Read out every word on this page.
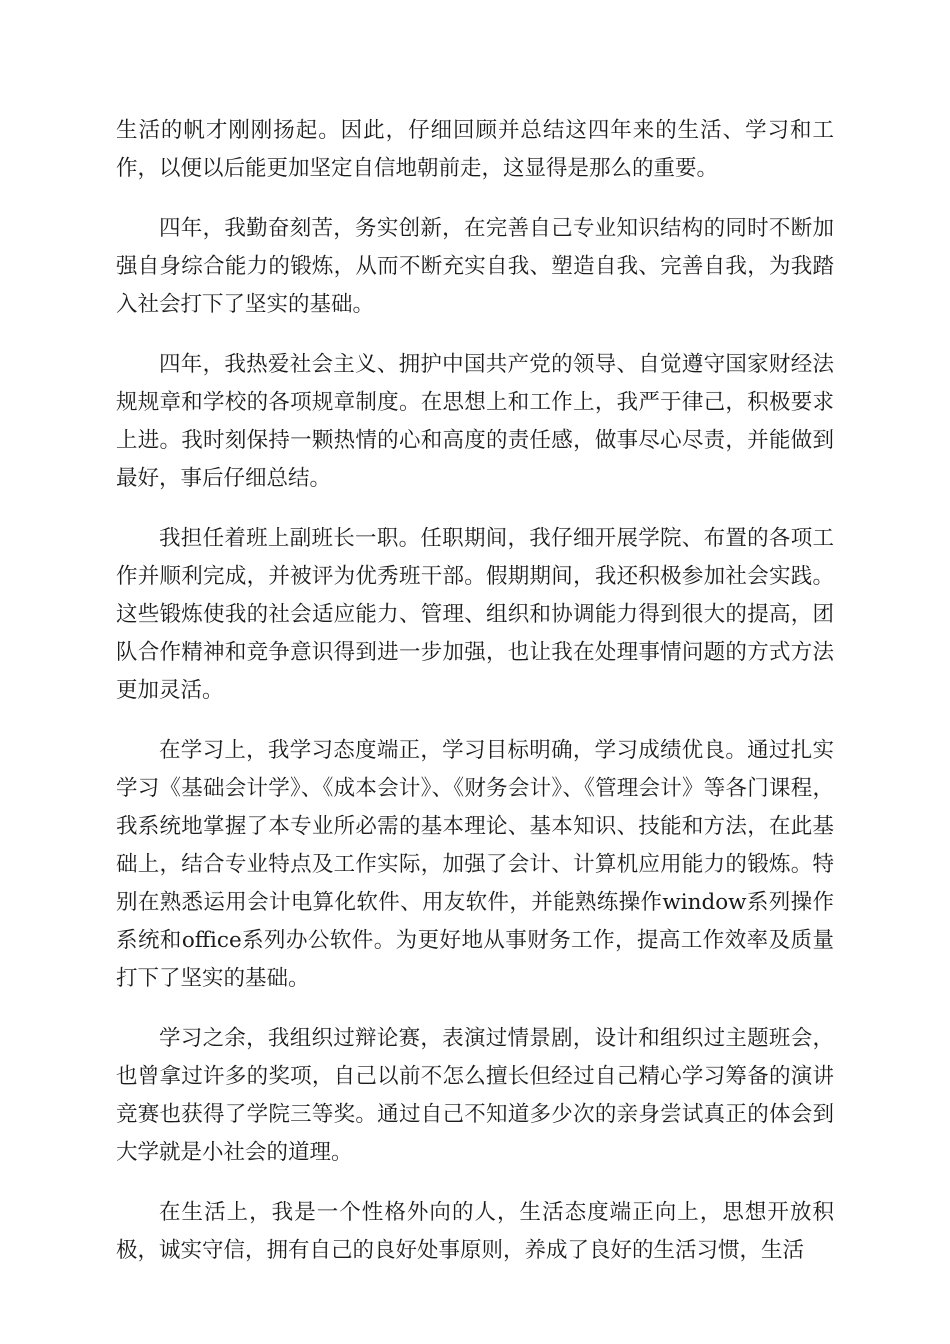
生活的帆才刚刚扬起。因此，仔细回顾并总结这四年来的生活、学习和工作，以便以后能更加坚定自信地朝前走，这显得是那么的重要。

四年，我勤奋刻苦，务实创新，在完善自己专业知识结构的同时不断加强自身综合能力的锻炼，从而不断充实自我、塑造自我、完善自我，为我踏入社会打下了坚实的基础。

四年，我热爱社会主义、拥护中国共产党的领导、自觉遵守国家财经法规规章和学校的各项规章制度。在思想上和工作上，我严于律己，积极要求上进。我时刻保持一颗热情的心和高度的责任感，做事尽心尽责，并能做到最好，事后仔细总结。

我担任着班上副班长一职。任职期间，我仔细开展学院、布置的各项工作并顺利完成，并被评为优秀班干部。假期期间，我还积极参加社会实践。这些锻炼使我的社会适应能力、管理、组织和协调能力得到很大的提高，团队合作精神和竞争意识得到进一步加强，也让我在处理事情问题的方式方法更加灵活。

在学习上，我学习态度端正，学习目标明确，学习成绩优良。通过扎实学习《基础会计学》、《成本会计》、《财务会计》、《管理会计》等各门课程，我系统地掌握了本专业所必需的基本理论、基本知识、技能和方法，在此基础上，结合专业特点及工作实际，加强了会计、计算机应用能力的锻炼。特别在熟悉运用会计电算化软件、用友软件，并能熟练操作window系列操作系统和office系列办公软件。为更好地从事财务工作，提高工作效率及质量打下了坚实的基础。

学习之余，我组织过辩论赛，表演过情景剧，设计和组织过主题班会，也曾拿过许多的奖项，自己以前不怎么擅长但经过自己精心学习筹备的演讲竞赛也获得了学院三等奖。通过自己不知道多少次的亲身尝试真正的体会到大学就是小社会的道理。

在生活上，我是一个性格外向的人，生活态度端正向上，思想开放积极，诚实守信，拥有自己的良好处事原则，养成了良好的生活习惯，生活
